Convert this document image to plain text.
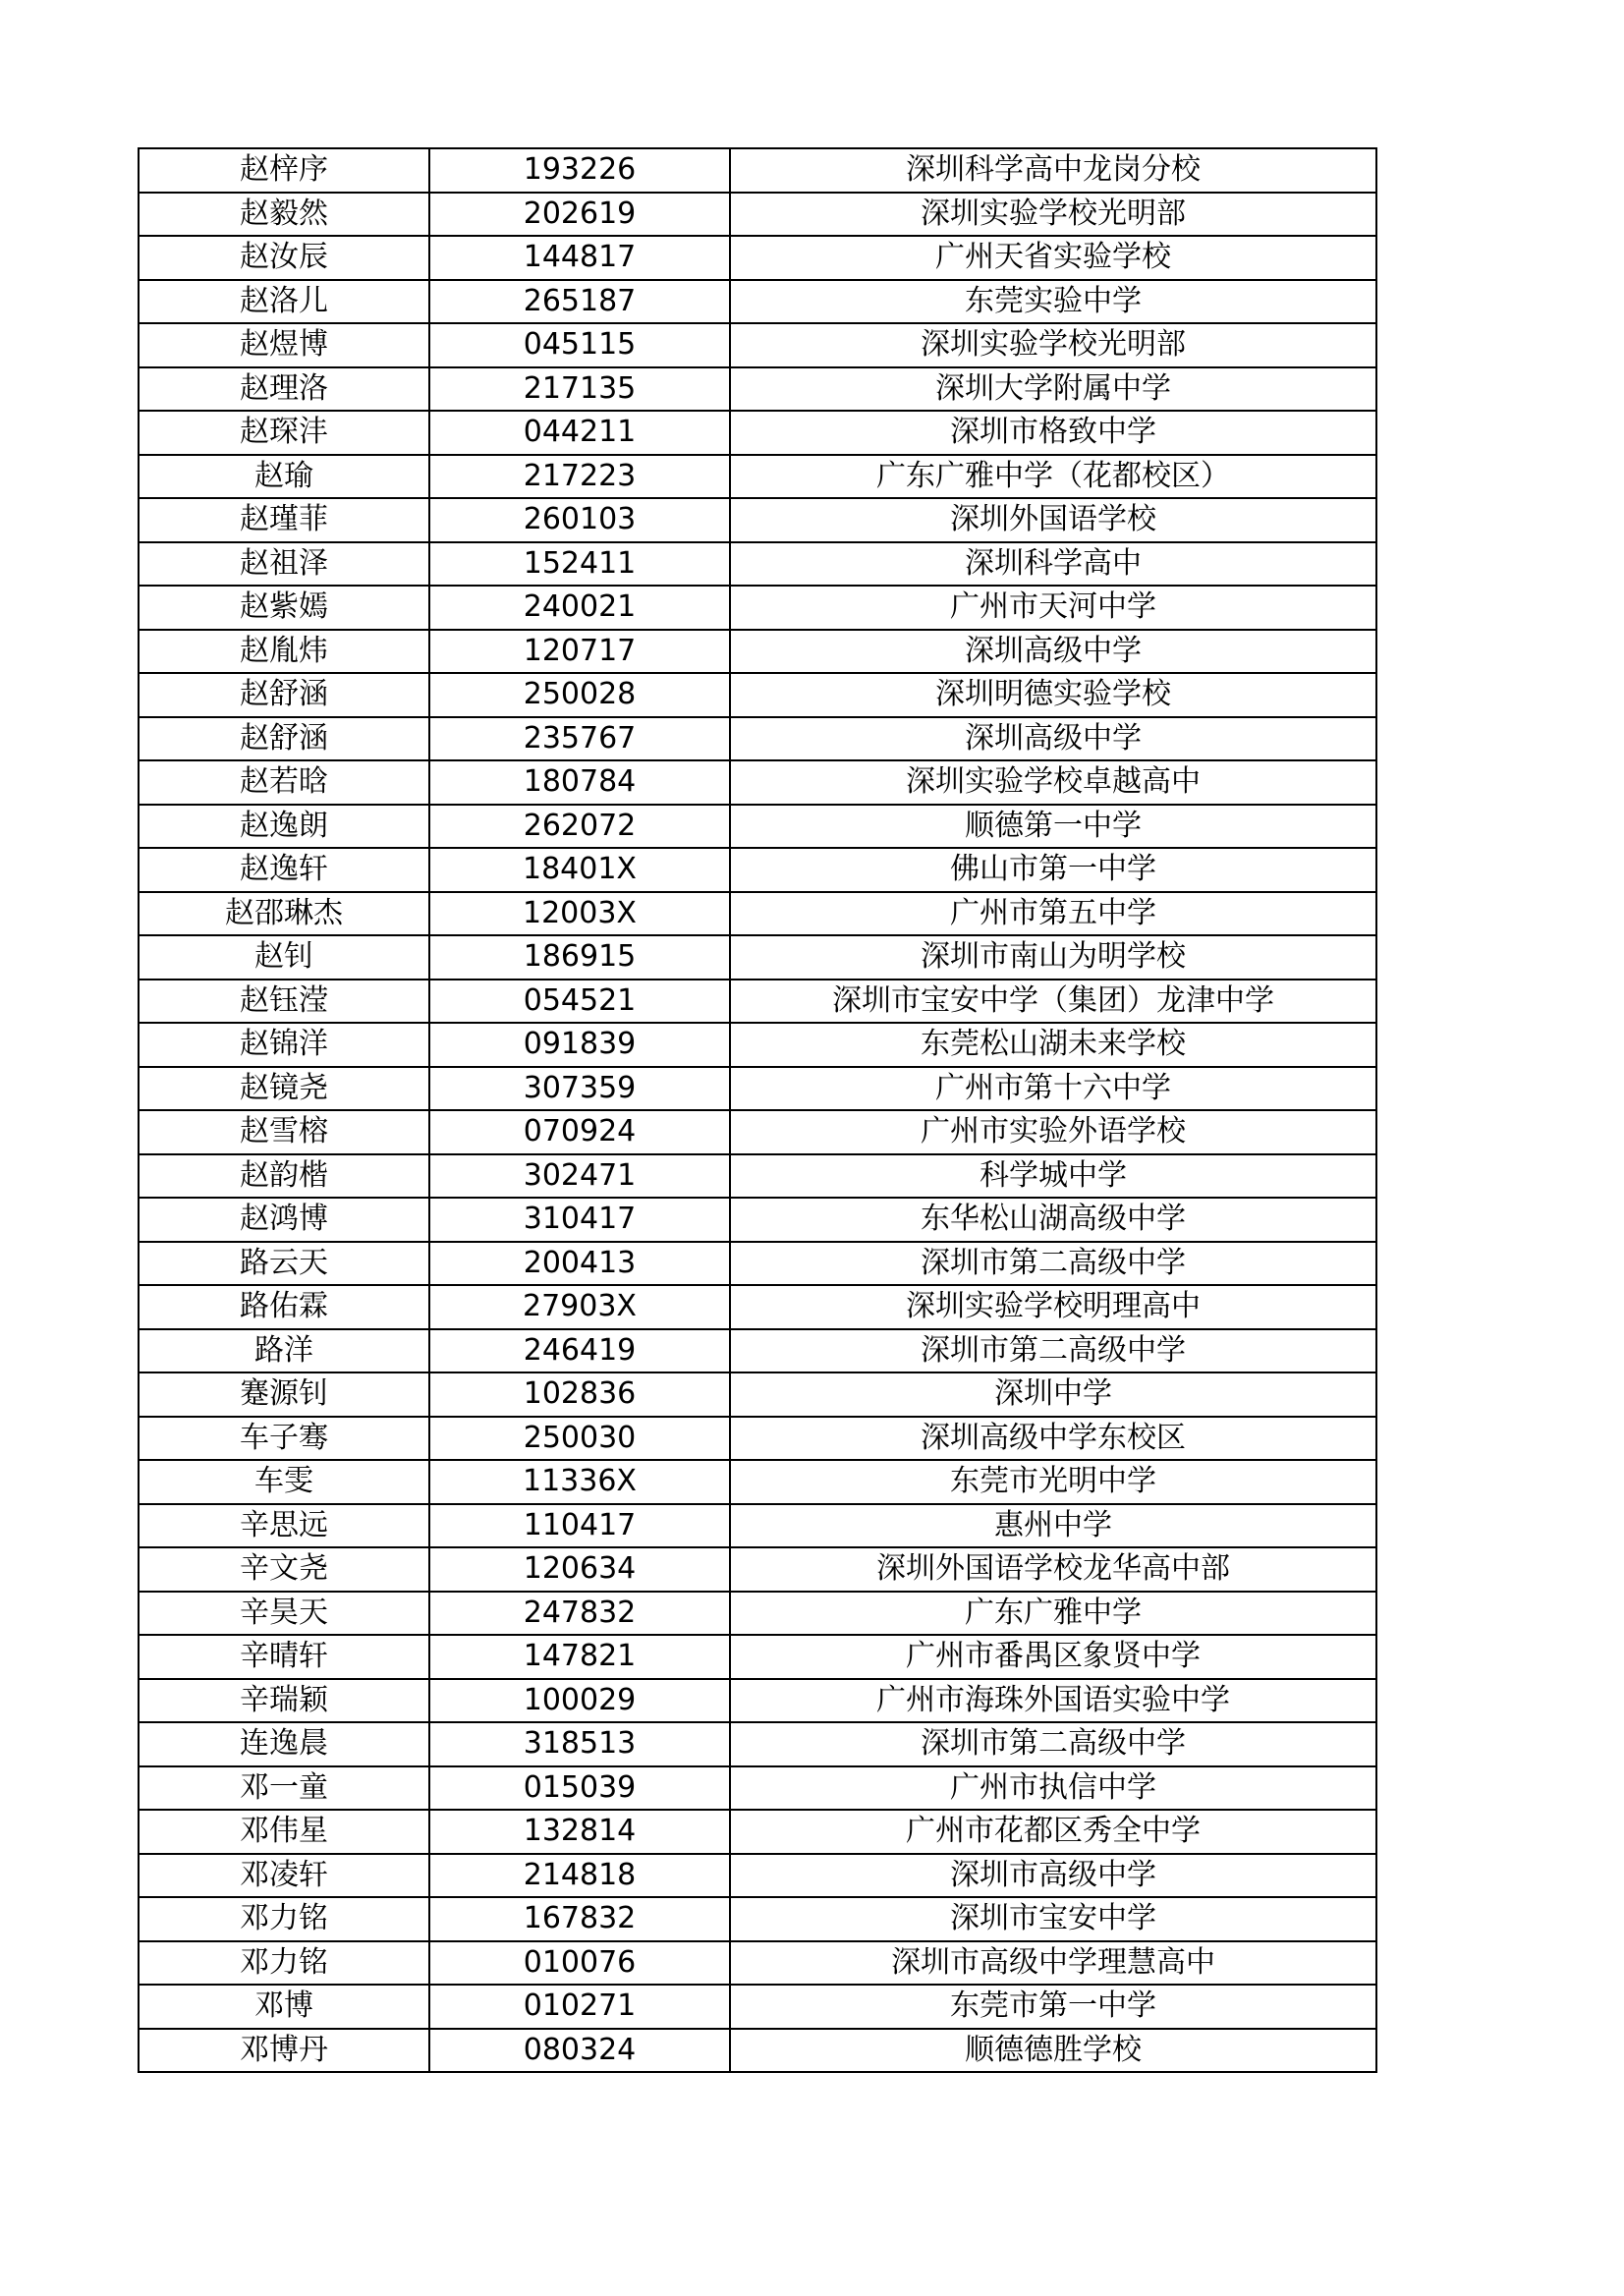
赵梓序	193226	深圳科学高中龙岗分校
赵毅然	202619	深圳实验学校光明部
赵汝辰	144817	广州天省实验学校
赵洛儿	265187	东莞实验中学
赵煜博	045115	深圳实验学校光明部
赵理洛	217135	深圳大学附属中学
赵琛沣	044211	深圳市格致中学
赵瑜	217223	广东广雅中学（花都校区）
赵瑾菲	260103	深圳外国语学校
赵祖泽	152411	深圳科学高中
赵紫嫣	240021	广州市天河中学
赵胤炜	120717	深圳高级中学
赵舒涵	250028	深圳明德实验学校
赵舒涵	235767	深圳高级中学
赵若晗	180784	深圳实验学校卓越高中
赵逸朗	262072	顺德第一中学
赵逸轩	18401X	佛山市第一中学
赵邵琳杰	12003X	广州市第五中学
赵钊	186915	深圳市南山为明学校
赵钰滢	054521	深圳市宝安中学（集团）龙津中学
赵锦洋	091839	东莞松山湖未来学校
赵镜尧	307359	广州市第十六中学
赵雪榕	070924	广州市实验外语学校
赵韵楷	302471	科学城中学
赵鸿博	310417	东华松山湖高级中学
路云天	200413	深圳市第二高级中学
路佑霖	27903X	深圳实验学校明理高中
路洋	246419	深圳市第二高级中学
蹇源钊	102836	深圳中学
车子骞	250030	深圳高级中学东校区
车雯	11336X	东莞市光明中学
辛思远	110417	惠州中学
辛文尧	120634	深圳外国语学校龙华高中部
辛昊天	247832	广东广雅中学
辛晴轩	147821	广州市番禺区象贤中学
辛瑞颖	100029	广州市海珠外国语实验中学
连逸晨	318513	深圳市第二高级中学
邓一童	015039	广州市执信中学
邓伟星	132814	广州市花都区秀全中学
邓凌轩	214818	深圳市高级中学
邓力铭	167832	深圳市宝安中学
邓力铭	010076	深圳市高级中学理慧高中
邓博	010271	东莞市第一中学
邓博丹	080324	顺德德胜学校
